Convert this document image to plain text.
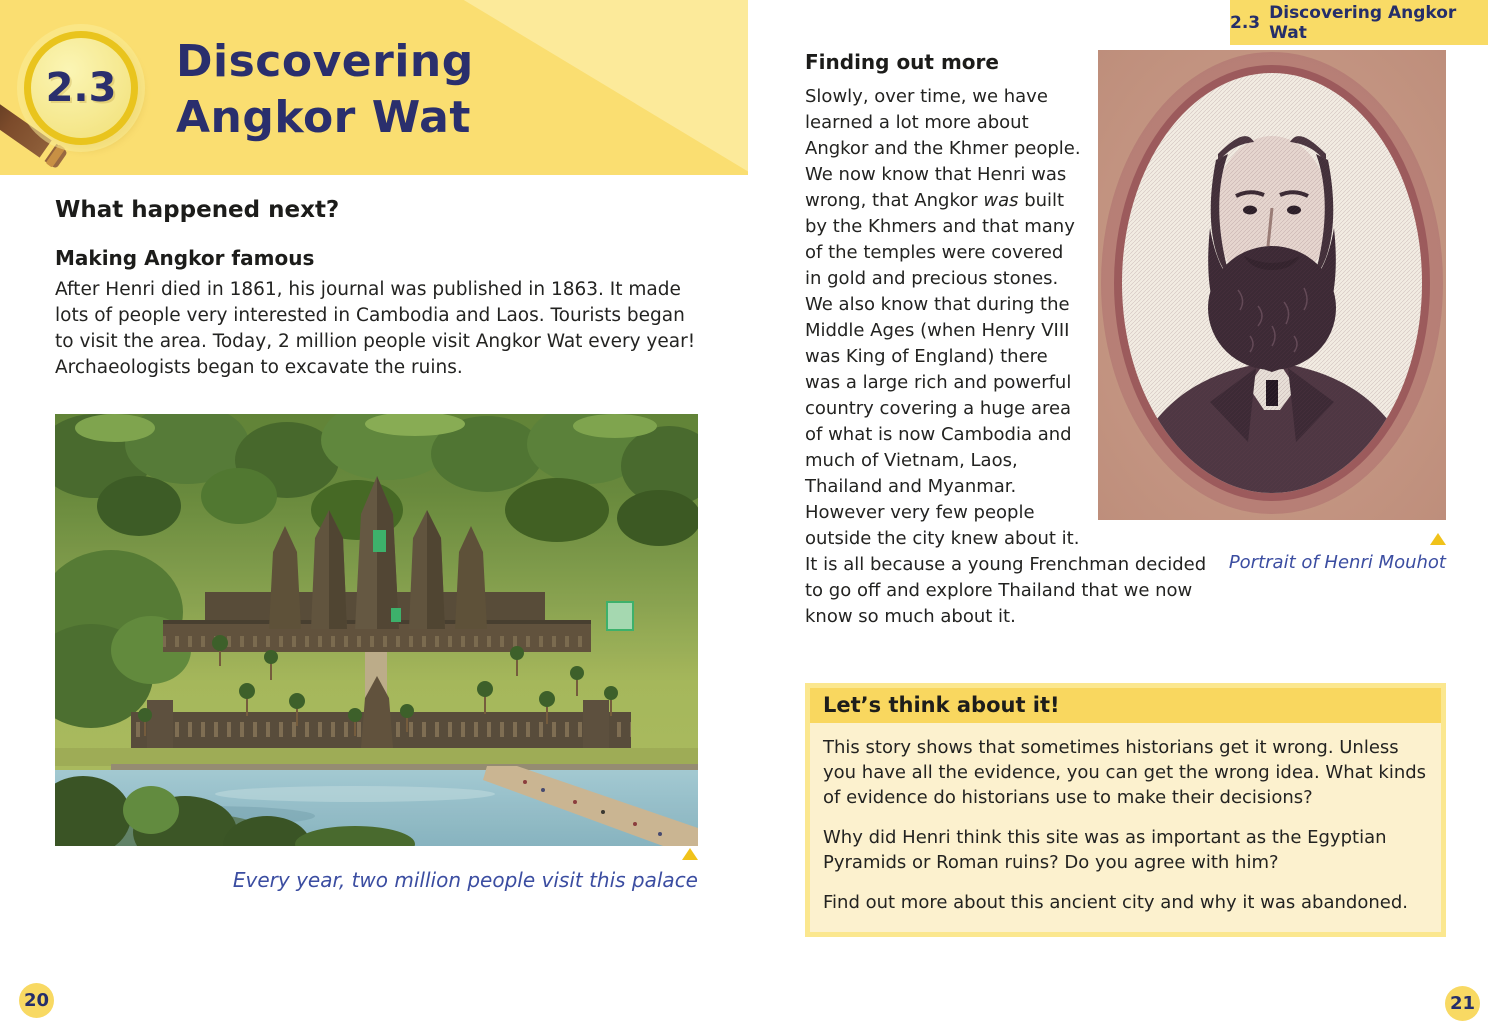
2.3
Discovering
Angkor Wat
What happened next?
Making Angkor famous
After Henri died in 1861, his journal was published in 1863. It made lots of people very interested in Cambodia and Laos. Tourists began to visit the area. Today, 2 million people visit Angkor Wat every year! Archaeologists began to excavate the ruins.
Every year, two million people visit this palace
20
2.3 Discovering Angkor Wat
Portrait of Henri Mouhot
Finding out more

Slowly, over time, we have learned a lot more about Angkor and the Khmer people. We now know that Henri was wrong, that Angkor was built by the Khmers and that many of the temples were covered in gold and precious stones. We also know that during the Middle Ages (when Henry VIII was King of England) there was a large rich and powerful country covering a huge area of what is now Cambodia and much of Vietnam, Laos, Thailand and Myanmar. However very few people outside the city knew about it. It is all because a young Frenchman decided to go off and explore Thailand that we now know so much about it.

Let’s think about it!

This story shows that sometimes historians get it wrong. Unless you have all the evidence, you can get the wrong idea. What kinds of evidence do historians use to make their decisions?

Why did Henri think this site was as important as the Egyptian Pyramids or Roman ruins? Do you agree with him?

Find out more about this ancient city and why it was abandoned.

21
